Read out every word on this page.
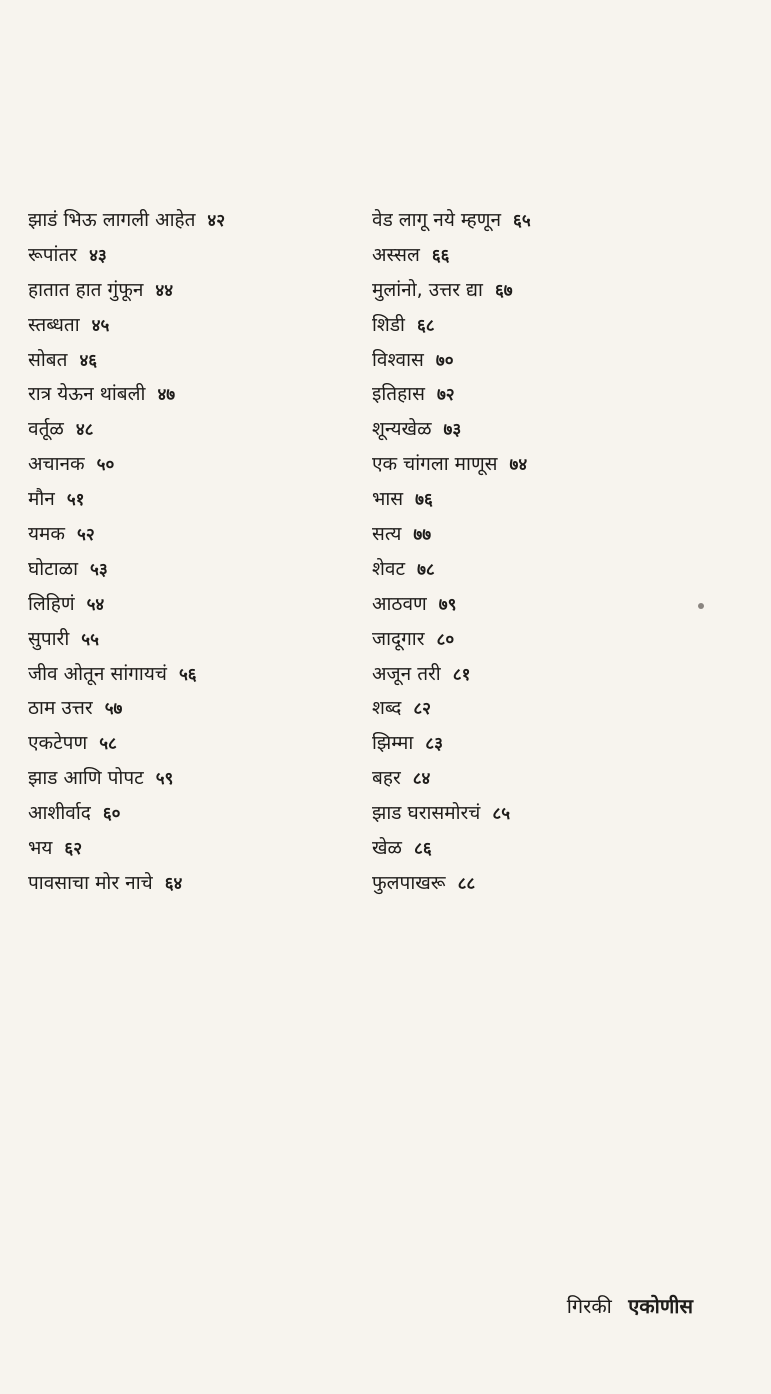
झाडं भिऊ लागली आहेत ४२
रूपांतर ४३
हातात हात गुंफून ४४
स्तब्धता ४५
सोबत ४६
रात्र येऊन थांबली ४७
वर्तूळ ४८
अचानक ५०
मौन ५१
यमक ५२
घोटाळा ५३
लिहिणं ५४
सुपारी ५५
जीव ओतून सांगायचं ५६
ठाम उत्तर ५७
एकटेपण ५८
झाड आणि पोपट ५९
आशीर्वाद ६०
भय ६२
पावसाचा मोर नाचे ६४
वेड लागू नये म्हणून ६५
अस्सल ६६
मुलांनो, उत्तर द्या ६७
शिडी ६८
विश्वास ७०
इतिहास ७२
शून्यखेळ ७३
एक चांगला माणूस ७४
भास ७६
सत्य ७७
शेवट ७८
आठवण ७९
जादूगार ८०
अजून तरी ८१
शब्द ८२
झिम्मा ८३
बहर ८४
झाड घरासमोरचं ८५
खेळ ८६
फुलपाखरू ८८
गिरकी एकोणीस
